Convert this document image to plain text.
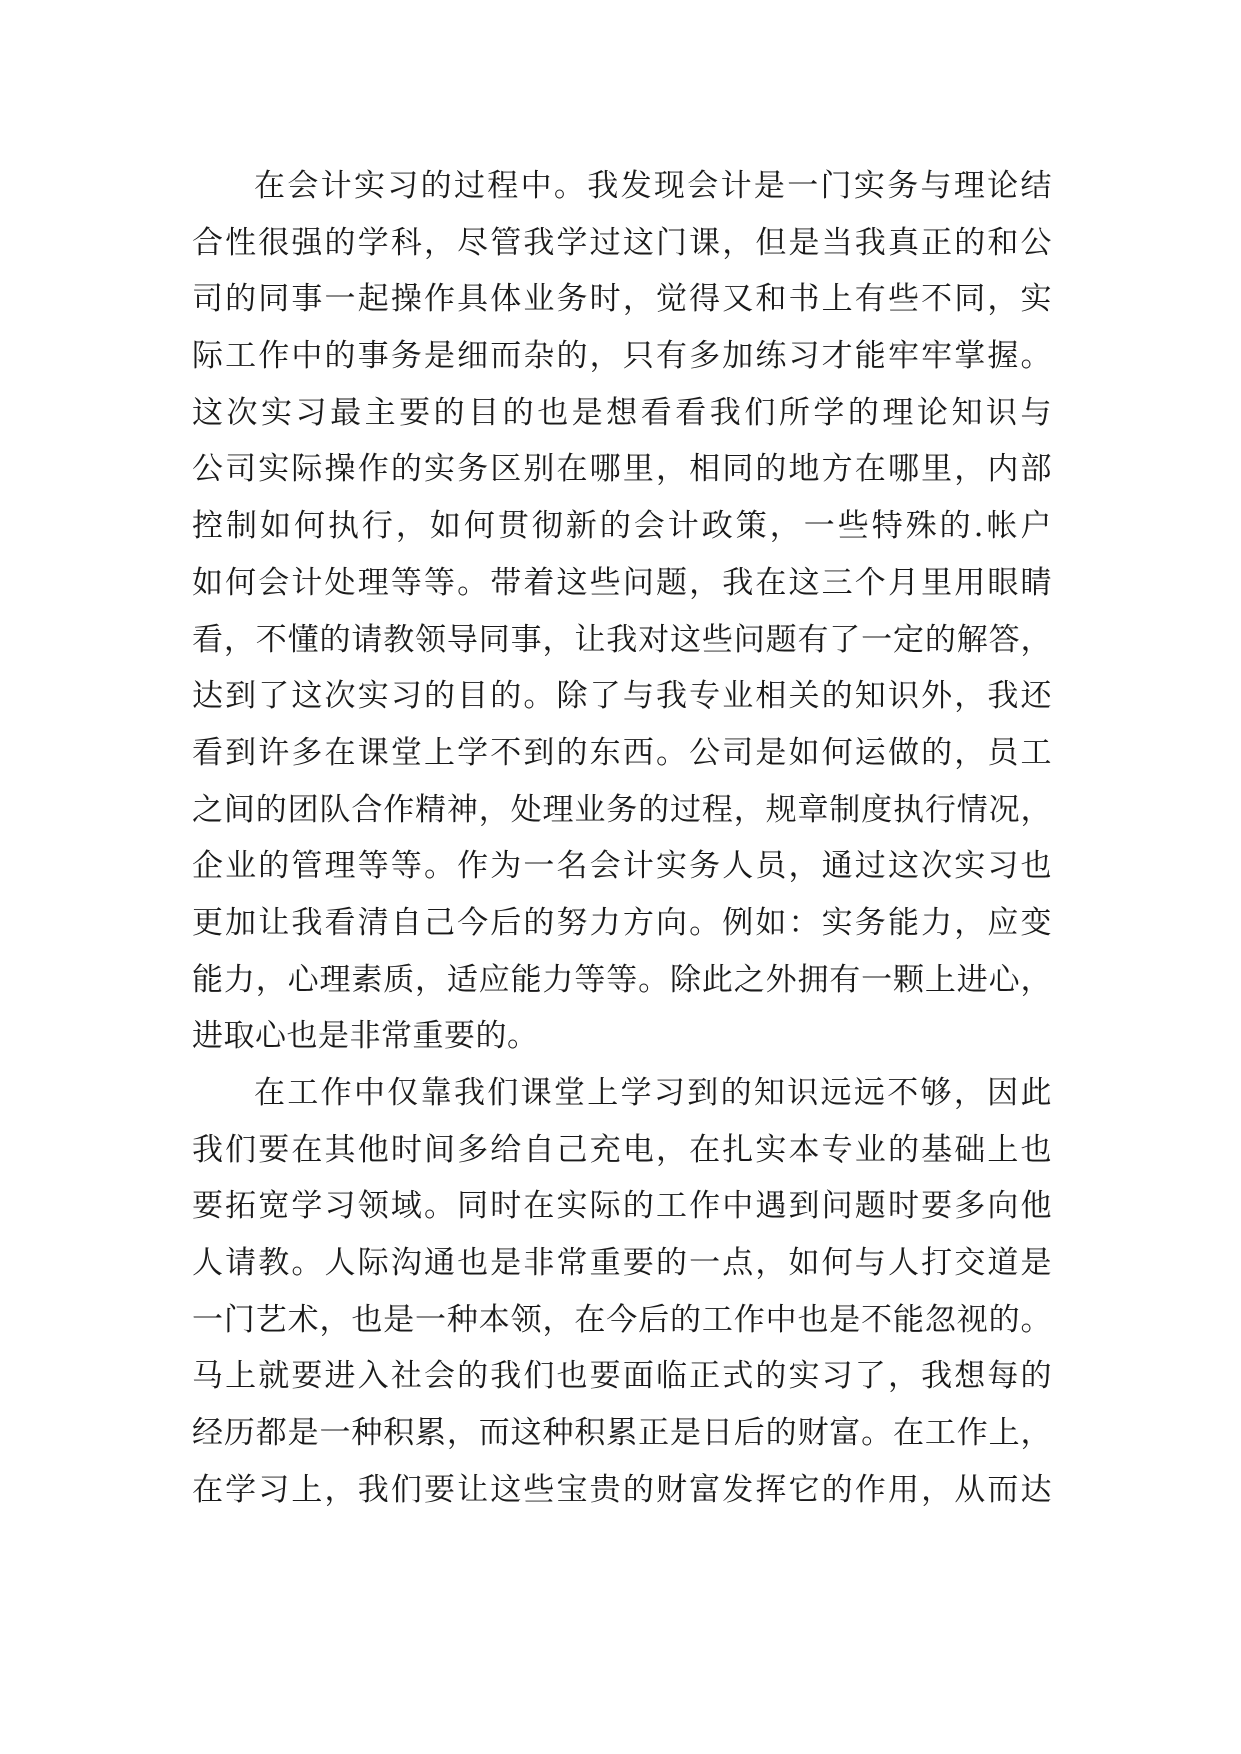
在会计实习的过程中。我发现会计是一门实务与理论结
合性很强的学科，尽管我学过这门课，但是当我真正的和公
司的同事一起操作具体业务时，觉得又和书上有些不同，实
际工作中的事务是细而杂的，只有多加练习才能牢牢掌握。
这次实习最主要的目的也是想看看我们所学的理论知识与
公司实际操作的实务区别在哪里，相同的地方在哪里，内部
控制如何执行，如何贯彻新的会计政策，一些特殊的.帐户
如何会计处理等等。带着这些问题，我在这三个月里用眼睛
看，不懂的请教领导同事，让我对这些问题有了一定的解答，
达到了这次实习的目的。除了与我专业相关的知识外，我还
看到许多在课堂上学不到的东西。公司是如何运做的，员工
之间的团队合作精神，处理业务的过程，规章制度执行情况，
企业的管理等等。作为一名会计实务人员，通过这次实习也
更加让我看清自己今后的努力方向。例如：实务能力，应变
能力，心理素质，适应能力等等。除此之外拥有一颗上进心，
进取心也是非常重要的。
在工作中仅靠我们课堂上学习到的知识远远不够，因此
我们要在其他时间多给自己充电，在扎实本专业的基础上也
要拓宽学习领域。同时在实际的工作中遇到问题时要多向他
人请教。人际沟通也是非常重要的一点，如何与人打交道是
一门艺术，也是一种本领，在今后的工作中也是不能忽视的。
马上就要进入社会的我们也要面临正式的实习了，我想每的
经历都是一种积累，而这种积累正是日后的财富。在工作上，
在学习上，我们要让这些宝贵的财富发挥它的作用，从而达
